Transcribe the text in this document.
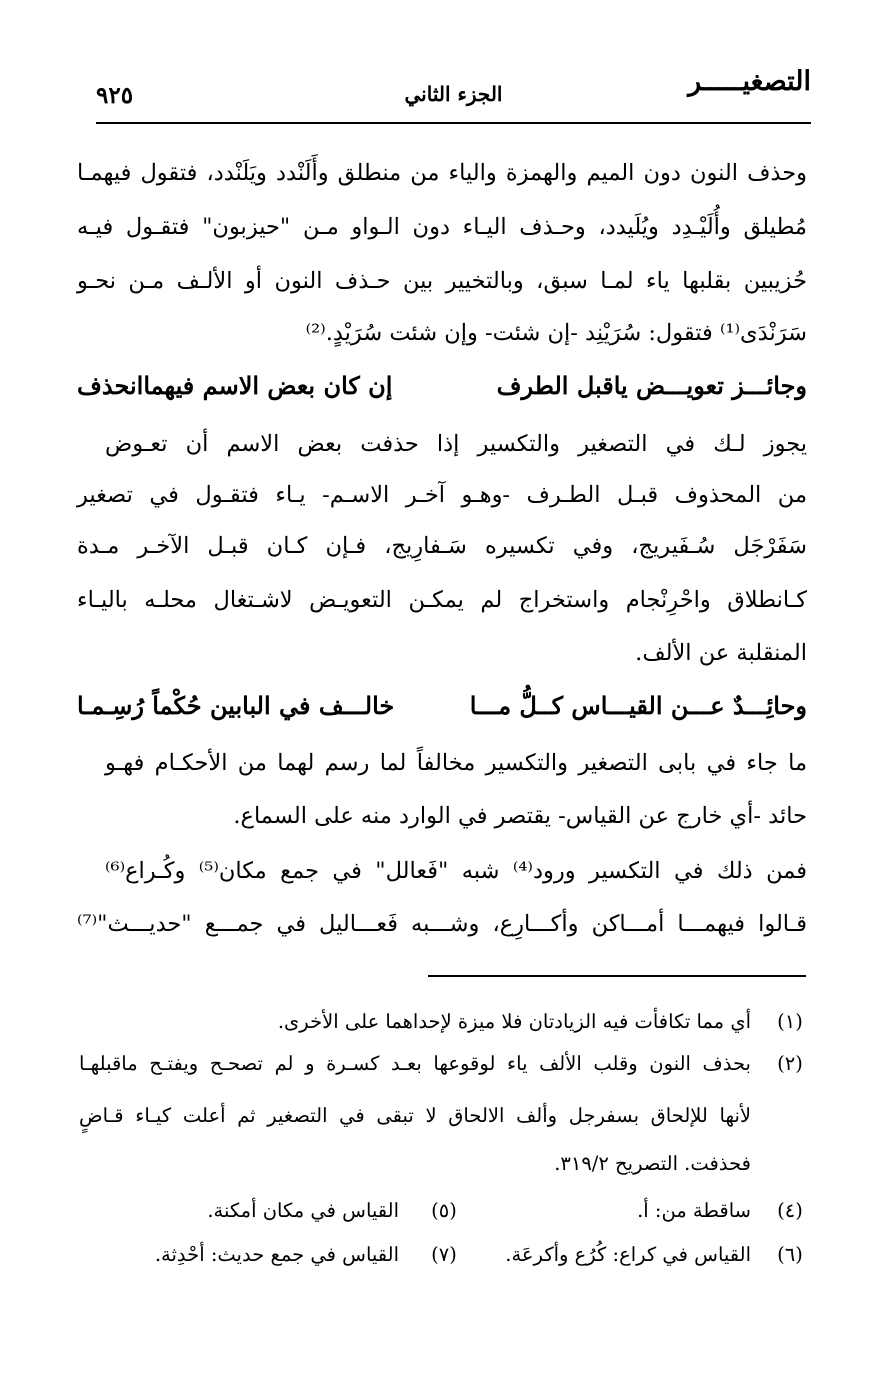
التصغيـــــر
الجزء الثاني
٩٢٥
وحذف النون دون الميم والهمزة والياء من منطلق وأَلَنْدد ويَلَنْدد، فتقول فيهمـا
مُطيلق وأُلَيْـدِد ويُلَيدد، وحـذف اليـاء دون الـواو مـن "حيزبون" فتقـول فيـه
حُزيبين بقلبها ياء لمـا سبق، وبالتخيير بين حـذف النون أو الألـف مـن نحـو
سَرَنْدَى⁽¹⁾ فتقول: سُرَيْنِد -إن شئت- وإن شئت سُرَيْدٍ.⁽²⁾
وجائـــز تعويـــض ياقبل الطرف
إن كان بعض الاسم فيهماانحذف
يجوز لـك في التصغير والتكسير إذا حذفت بعض الاسم أن تعـوض
من المحذوف قبـل الطـرف -وهـو آخـر الاسـم- يـاء فتقـول في تصغير
سَفَرْجَل سُـفَيريج، وفي تكسيره سَـفارِيج، فـإن كـان قبـل الآخـر مـدة
كـانطلاق واحْرِنْجام واستخراج لم يمكـن التعويـض لاشـتغال محلـه باليـاء
المنقلبة عن الألف.
وحائِـــدٌ عـــن القيـــاس كــلُّ مـــا
خالـــف في البابين حُكْماً رُسِـمـا
ما جاء في بابى التصغير والتكسير مخالفاً لما رسم لهما من الأحكـام فهـو
حائد -أي خارج عن القياس- يقتصر في الوارد منه على السماع.
فمن ذلك في التكسير ورود⁽⁴⁾ شبه "فَعالل" في جمع مكان⁽⁵⁾ وكُـراع⁽⁶⁾
قـالوا فيهمـــا أمـــاكن وأكـــارِع، وشـــبه فَعـــاليل في جمـــع "حديـــث"⁽⁷⁾
(١)
أي مما تكافأت فيه الزيادتان فلا ميزة لإحداهما على الأخرى.
(٢)
بحذف النون وقلب الألف ياء لوقوعها بعـد كسـرة و لم تصحـح ويفتـح ماقبلهـا
لأنها للإلحاق بسفرجل وألف الالحاق لا تبقى في التصغير ثم أعلت كيـاء قـاضٍ
فحذفت. التصريح ٣١٩/٢.
(٤)
ساقطة من: أ.
(٥)
القياس في مكان أمكنة.
(٦)
القياس في كراع: كُرُع وأكرعَة.
(٧)
القياس في جمع حديث: أحْدِثة.
